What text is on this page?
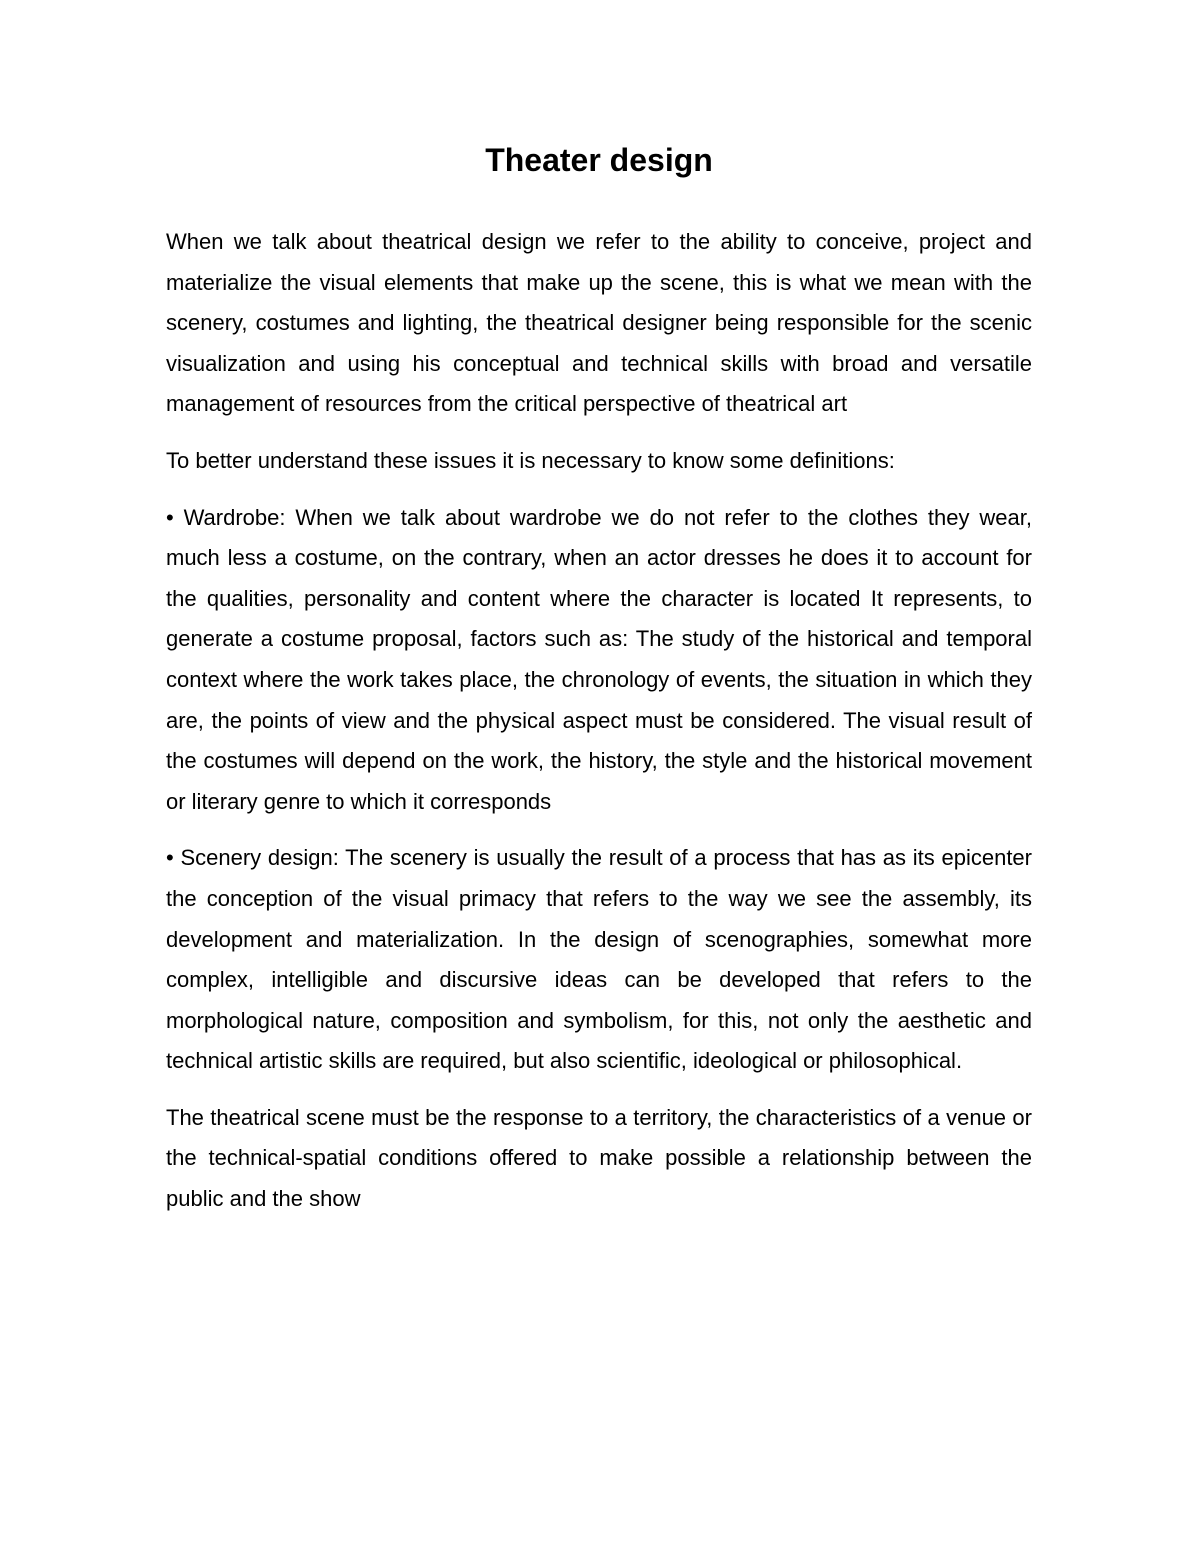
Theater design

When we talk about theatrical design we refer to the ability to conceive, project and materialize the visual elements that make up the scene, this is what we mean with the scenery, costumes and lighting, the theatrical designer being responsible for the scenic visualization and using his conceptual and technical skills with broad and versatile management of resources from the critical perspective of theatrical art

To better understand these issues it is necessary to know some definitions:

• Wardrobe: When we talk about wardrobe we do not refer to the clothes they wear, much less a costume, on the contrary, when an actor dresses he does it to account for the qualities, personality and content where the character is located It represents, to generate a costume proposal, factors such as: The study of the historical and temporal context where the work takes place, the chronology of events, the situation in which they are, the points of view and the physical aspect must be considered. The visual result of the costumes will depend on the work, the history, the style and the historical movement or literary genre to which it corresponds

• Scenery design: The scenery is usually the result of a process that has as its epicenter the conception of the visual primacy that refers to the way we see the assembly, its development and materialization. In the design of scenographies, somewhat more complex, intelligible and discursive ideas can be developed that refers to the morphological nature, composition and symbolism, for this, not only the aesthetic and technical artistic skills are required, but also scientific, ideological or philosophical.

The theatrical scene must be the response to a territory, the characteristics of a venue or the technical-spatial conditions offered to make possible a relationship between the public and the show
